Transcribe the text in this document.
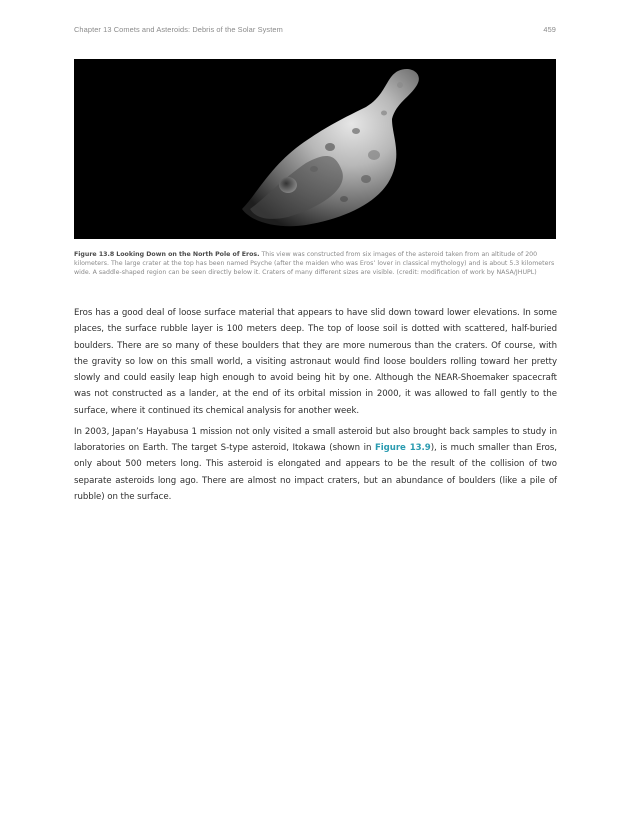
Chapter 13 Comets and Asteroids: Debris of the Solar System	459
Figure 13.8 Looking Down on the North Pole of Eros. This view was constructed from six images of the asteroid taken from an altitude of 200 kilometers. The large crater at the top has been named Psyche (after the maiden who was Eros’ lover in classical mythology) and is about 5.3 kilometers wide. A saddle-shaped region can be seen directly below it. Craters of many different sizes are visible. (credit: modification of work by NASA/JHUPL)

Eros has a good deal of loose surface material that appears to have slid down toward lower elevations. In some places, the surface rubble layer is 100 meters deep. The top of loose soil is dotted with scattered, half-buried boulders. There are so many of these boulders that they are more numerous than the craters. Of course, with the gravity so low on this small world, a visiting astronaut would find loose boulders rolling toward her pretty slowly and could easily leap high enough to avoid being hit by one. Although the NEAR-Shoemaker spacecraft was not constructed as a lander, at the end of its orbital mission in 2000, it was allowed to fall gently to the surface, where it continued its chemical analysis for another week.

In 2003, Japan’s Hayabusa 1 mission not only visited a small asteroid but also brought back samples to study in laboratories on Earth. The target S-type asteroid, Itokawa (shown in Figure 13.9), is much smaller than Eros, only about 500 meters long. This asteroid is elongated and appears to be the result of the collision of two separate asteroids long ago. There are almost no impact craters, but an abundance of boulders (like a pile of rubble) on the surface.
